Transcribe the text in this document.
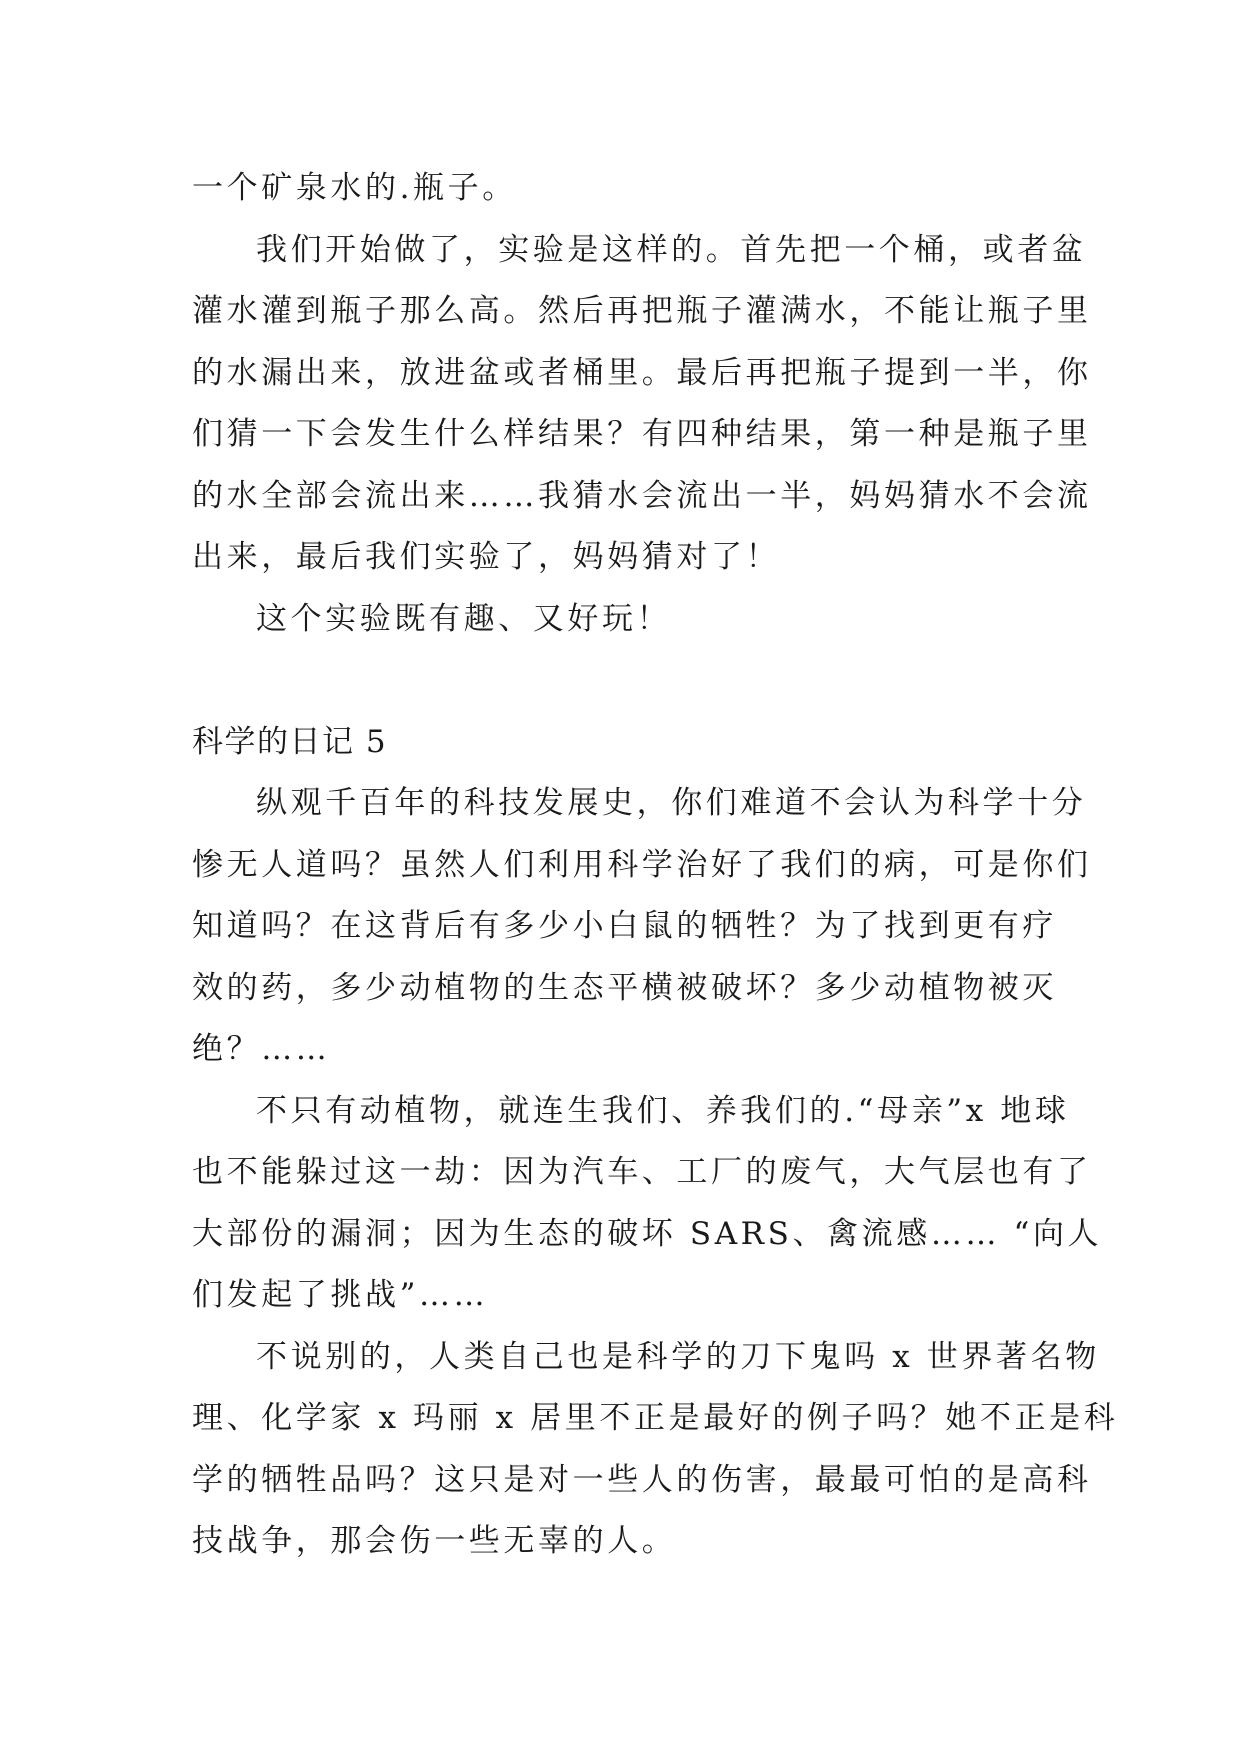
一个矿泉水的.瓶子。

我们开始做了，实验是这样的。首先把一个桶，或者盆

灌水灌到瓶子那么高。然后再把瓶子灌满水，不能让瓶子里

的水漏出来，放进盆或者桶里。最后再把瓶子提到一半，你

们猜一下会发生什么样结果？有四种结果，第一种是瓶子里

的水全部会流出来……我猜水会流出一半，妈妈猜水不会流

出来，最后我们实验了，妈妈猜对了！

这个实验既有趣、又好玩！

科学的日记 5

纵观千百年的科技发展史，你们难道不会认为科学十分

惨无人道吗？虽然人们利用科学治好了我们的病，可是你们

知道吗？在这背后有多少小白鼠的牺牲？为了找到更有疗

效的药，多少动植物的生态平横被破坏？多少动植物被灭

绝？……

不只有动植物，就连生我们、养我们的.“母亲”x 地球

也不能躲过这一劫：因为汽车、工厂的废气，大气层也有了

大部份的漏洞；因为生态的破坏 SARS、禽流感…… “向人

们发起了挑战”……

不说别的，人类自己也是科学的刀下鬼吗 x 世界著名物

理、化学家 x 玛丽 x 居里不正是最好的例子吗？她不正是科

学的牺牲品吗？这只是对一些人的伤害，最最可怕的是高科

技战争，那会伤一些无辜的人。
